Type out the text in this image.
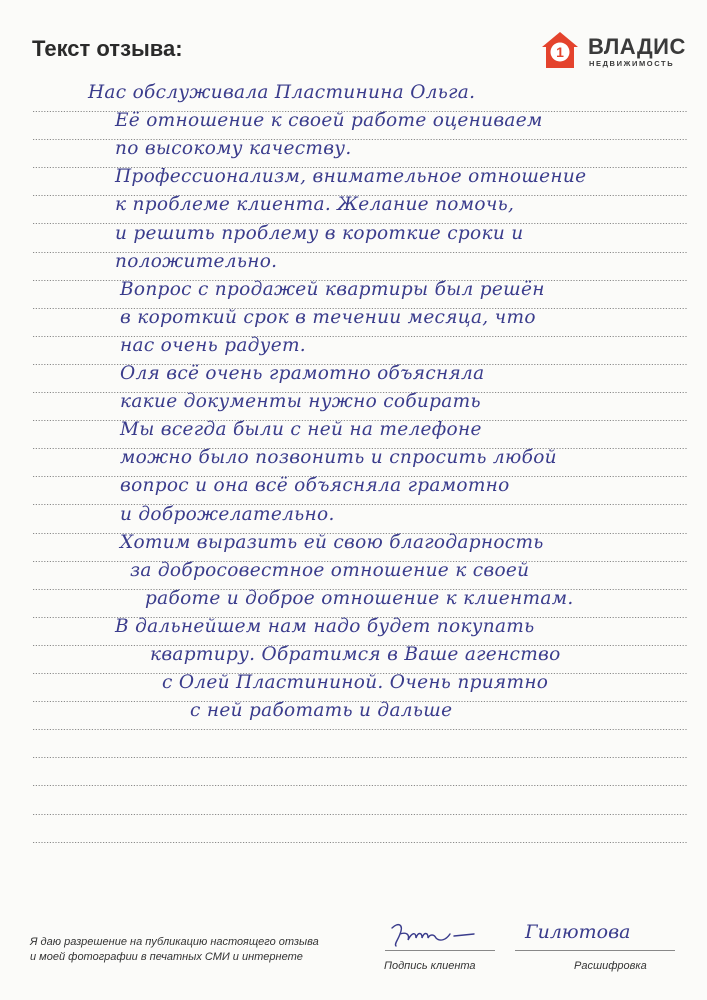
Текст отзыва:	1 ВЛАДИС
НЕДВИЖИМОСТЬ
Нас обслуживала Пластинина Ольга.
Её отношение к своей работе оцениваем
по высокому качеству.
Профессионализм, внимательное отношение
к проблеме клиента. Желание помочь,
и решить проблему в короткие сроки и
положительно.
Вопрос с продажей квартиры был решён
в короткий срок в течении месяца, что
нас очень радует.
Оля всё очень грамотно объясняла
какие документы нужно собирать
Мы всегда были с ней на телефоне
можно было позвонить и спросить любой
вопрос и она всё объясняла грамотно
и доброжелательно.
Хотим выразить ей свою благодарность
за добросовестное отношение к своей
работе и доброе отношение к клиентам.
В дальнейшем нам надо будет покупать
квартиру. Обратимся в Ваше агенство
с Олей Пластининой. Очень приятно
с ней работать и дальше
Я даю разрешение на публикацию настоящего отзыва
и моей фотографии в печатных СМИ и интернете
Подпись клиента
Гилютова
Расшифровка
